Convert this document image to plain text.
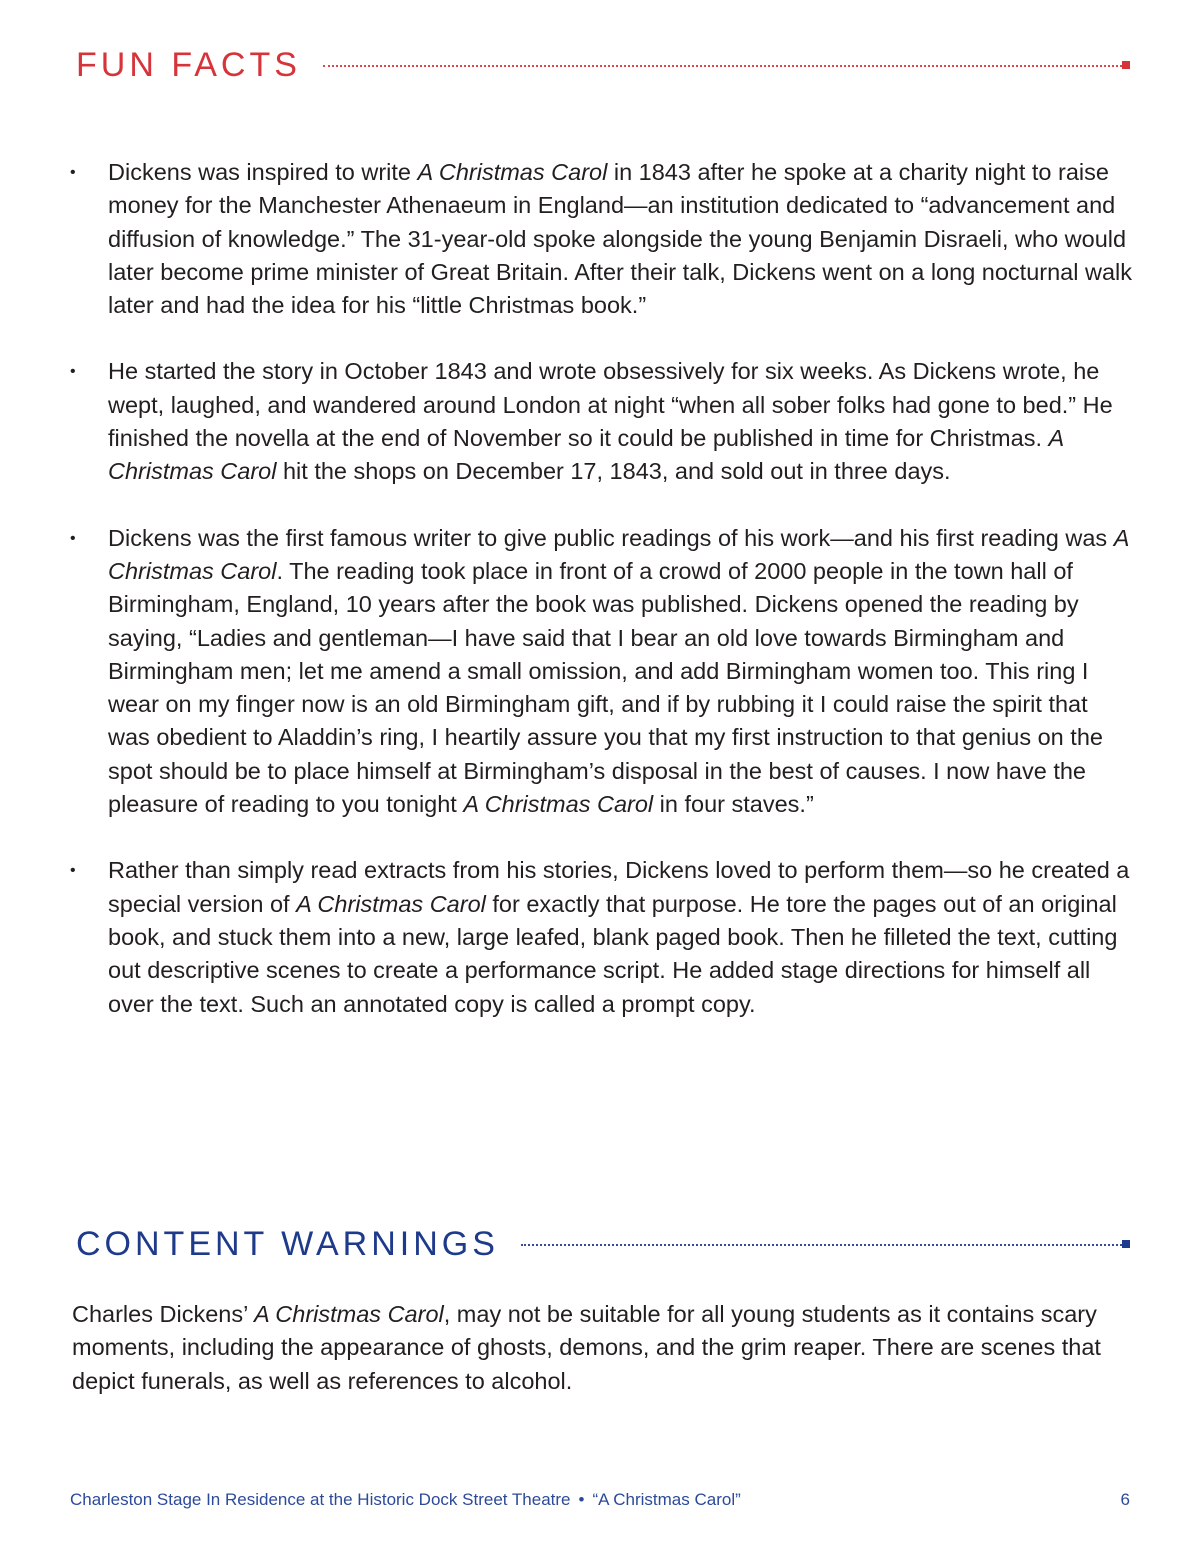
FUN FACTS
• Dickens was inspired to write A Christmas Carol in 1843 after he spoke at a charity night to raise money for the Manchester Athenaeum in England—an institution dedicated to “advancement and diffusion of knowledge.” The 31-year-old spoke alongside the young Benjamin Disraeli, who would later become prime minister of Great Britain. After their talk, Dickens went on a long nocturnal walk later and had the idea for his “little Christmas book.”
• He started the story in October 1843 and wrote obsessively for six weeks. As Dickens wrote, he wept, laughed, and wandered around London at night “when all sober folks had gone to bed.” He finished the novella at the end of November so it could be published in time for Christmas. A Christmas Carol hit the shops on December 17, 1843, and sold out in three days.
• Dickens was the first famous writer to give public readings of his work—and his first reading was A Christmas Carol. The reading took place in front of a crowd of 2000 people in the town hall of Birmingham, England, 10 years after the book was published. Dickens opened the reading by saying, “Ladies and gentleman—I have said that I bear an old love towards Birmingham and Birmingham men; let me amend a small omission, and add Birmingham women too. This ring I wear on my finger now is an old Birmingham gift, and if by rubbing it I could raise the spirit that was obedient to Aladdin’s ring, I heartily assure you that my first instruction to that genius on the spot should be to place himself at Birmingham’s disposal in the best of causes. I now have the pleasure of reading to you tonight A Christmas Carol in four staves.”
• Rather than simply read extracts from his stories, Dickens loved to perform them—so he created a special version of A Christmas Carol for exactly that purpose. He tore the pages out of an original book, and stuck them into a new, large leafed, blank paged book. Then he filleted the text, cutting out descriptive scenes to create a performance script. He added stage directions for himself all over the text. Such an annotated copy is called a prompt copy.
CONTENT WARNINGS

Charles Dickens’ A Christmas Carol, may not be suitable for all young students as it contains scary moments, including the appearance of ghosts, demons, and the grim reaper. There are scenes that depict funerals, as well as references to alcohol.

Charleston Stage In Residence at the Historic Dock Street Theatre • “A Christmas Carol”	6
